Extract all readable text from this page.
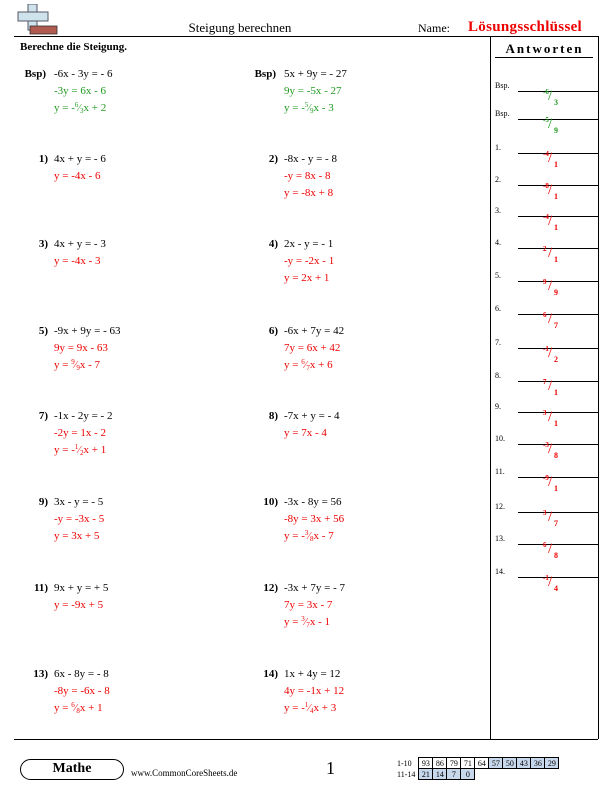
Steigung berechnen	Name: Lösungsschlüssel
Berechne die Steigung.	Antworten
Bsp) -6x - 3y = - 6
-3y = 6x - 6
$y = -^6⁄_3x + 2$
Bsp) 5x + 9y = - 27
9y = -5x - 27
$y = -^5⁄_9x - 3$
1) 4x + y = - 6
y = -4x - 6
2) -8x - y = - 8
-y = 8x - 8
y = -8x + 8
3) 4x + y = - 3
y = -4x - 3
4) 2x - y = - 1
-y = -2x - 1
y = 2x + 1
5) -9x + 9y = - 63
9y = 9x - 63
$y = ^9⁄_9x - 7$
6) -6x + 7y = 42
7y = 6x + 42
$y = ^6⁄_7x + 6$
7) -1x - 2y = - 2
-2y = 1x - 2
$y = -^1⁄_2x + 1$
8) -7x + y = - 4
y = 7x - 4
9) 3x - y = - 5
-y = -3x - 5
y = 3x + 5
10) -3x - 8y = 56
-8y = 3x + 56
$y = -^3⁄_8x - 7$
11) 9x + y = + 5
y = -9x + 5
12) -3x + 7y = - 7
7y = 3x - 7
$y = ^3⁄_7x - 1$
13) 6x - 8y = - 8
-8y = -6x - 8
$y = ^6⁄_8x + 1$
14) 1x + 4y = 12
4y = -1x + 12
$y = -^1⁄_4x + 3$
Bsp.
-6 / 3
Bsp.
-5 / 9
1.
-4 / 1
2.
-8 / 1
3.
-4 / 1
4.
2 / 1
5.
9 / 9
6.
6 / 7
7.
-1 / 2
8.
7 / 1
9.
3 / 1
10.
-3 / 8
11.
-9 / 1
12.
3 / 7
13.
6 / 8
14.
-1 / 4
Mathe	www.CommonCoreSheets.de	1	1-10	93	86	79	71	64	57	50	43	36	29
11-14	21	14	7	0						
